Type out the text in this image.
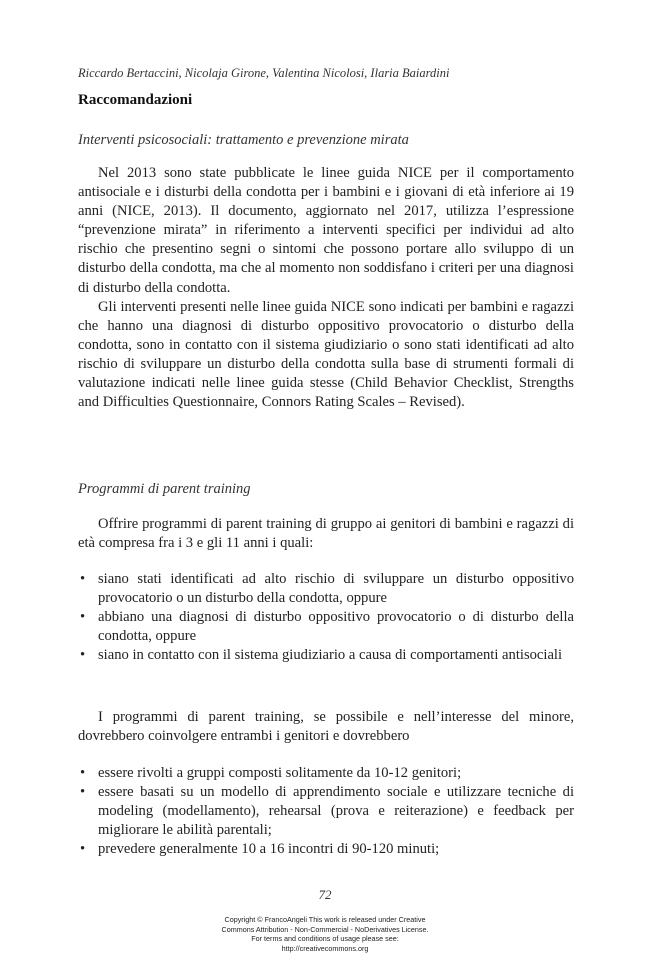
Riccardo Bertaccini, Nicolaja Girone, Valentina Nicolosi, Ilaria Baiardini
Raccomandazioni
Interventi psicosociali: trattamento e prevenzione mirata

Nel 2013 sono state pubblicate le linee guida NICE per il comportamento antisociale e i disturbi della condotta per i bambini e i giovani di età inferiore ai 19 anni (NICE, 2013). Il documento, aggiornato nel 2017, utilizza l’espressione “prevenzione mirata” in riferimento a interventi specifici per individui ad alto rischio che presentino segni o sintomi che possono portare allo sviluppo di un disturbo della condotta, ma che al momento non soddisfano i criteri per una diagnosi di disturbo della condotta.

Gli interventi presenti nelle linee guida NICE sono indicati per bambini e ragazzi che hanno una diagnosi di disturbo oppositivo provocatorio o disturbo della condotta, sono in contatto con il sistema giudiziario o sono stati identificati ad alto rischio di sviluppare un disturbo della condotta sulla base di strumenti formali di valutazione indicati nelle linee guida stesse (Child Behavior Checklist, Strengths and Difficulties Questionnaire, Connors Rating Scales – Revised).

Programmi di parent training

Offrire programmi di parent training di gruppo ai genitori di bambini e ragazzi di età compresa fra i 3 e gli 11 anni i quali:

• siano stati identificati ad alto rischio di sviluppare un disturbo oppositivo provocatorio o un disturbo della condotta, oppure
• abbiano una diagnosi di disturbo oppositivo provocatorio o di disturbo della condotta, oppure
• siano in contatto con il sistema giudiziario a causa di comportamenti antisociali

I programmi di parent training, se possibile e nell’interesse del minore, dovrebbero coinvolgere entrambi i genitori e dovrebbero

• essere rivolti a gruppi composti solitamente da 10-12 genitori;
• essere basati su un modello di apprendimento sociale e utilizzare tecniche di modeling (modellamento), rehearsal (prova e reiterazione) e feedback per migliorare le abilità parentali;
• prevedere generalmente 10 a 16 incontri di 90-120 minuti;
72
Copyright © FrancoAngeli This work is released under Creative
Commons Attribution - Non-Commercial - NoDerivatives License.
For terms and conditions of usage please see:
http://creativecommons.org
